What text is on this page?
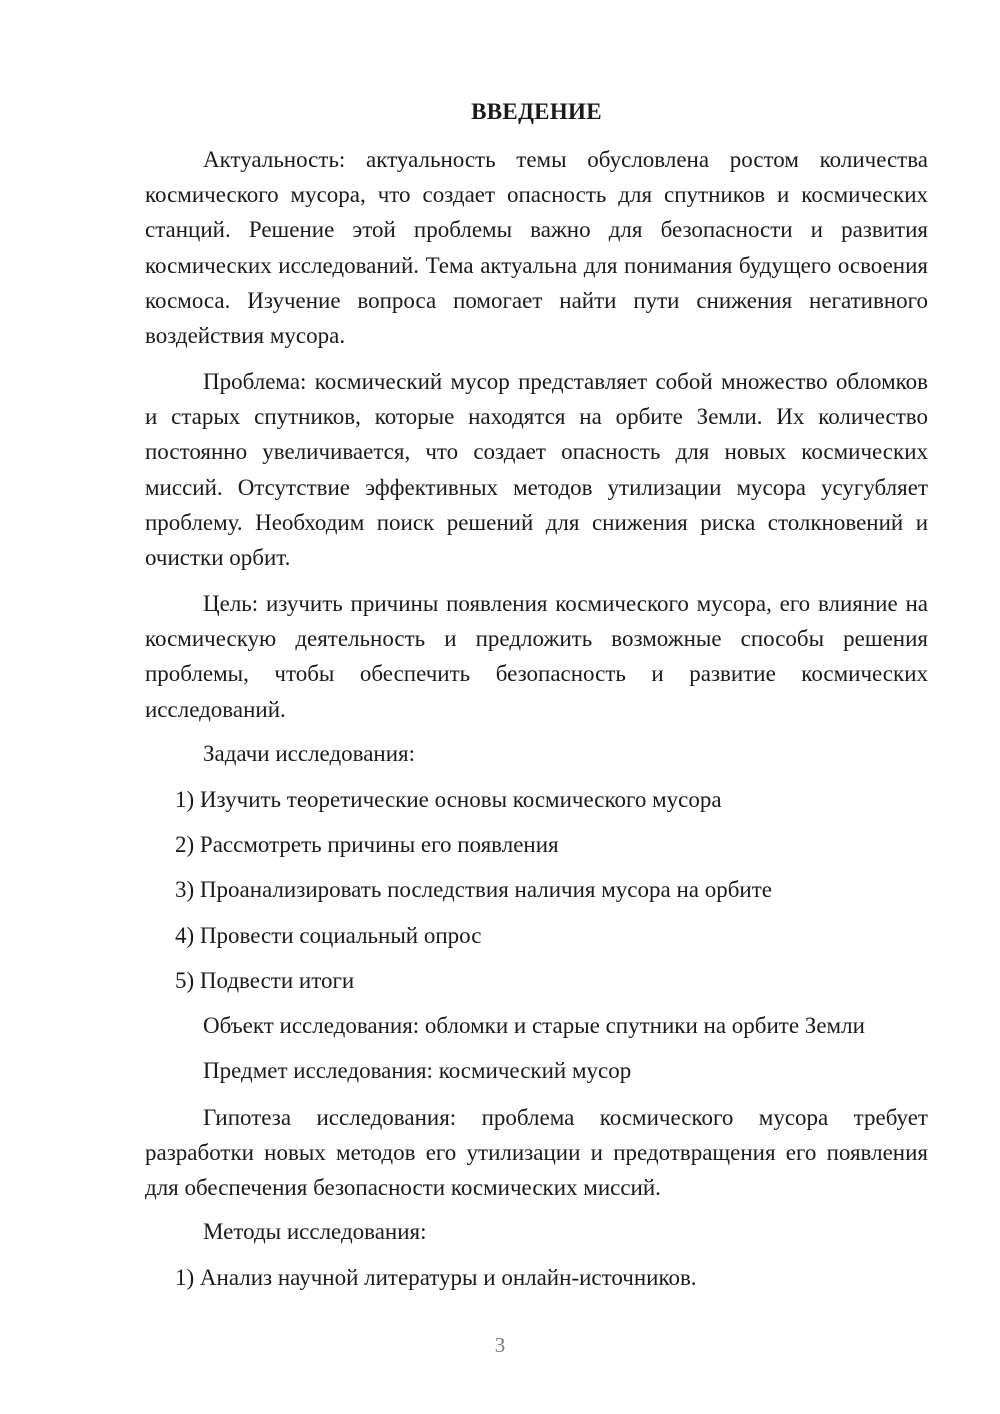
ВВЕДЕНИЕ

Актуальность: актуальность темы обусловлена ростом количества космического мусора, что создает опасность для спутников и космических станций. Решение этой проблемы важно для безопасности и развития космических исследований. Тема актуальна для понимания будущего освоения космоса. Изучение вопроса помогает найти пути снижения негативного воздействия мусора.

Проблема: космический мусор представляет собой множество обломков и старых спутников, которые находятся на орбите Земли. Их количество постоянно увеличивается, что создает опасность для новых космических миссий. Отсутствие эффективных методов утилизации мусора усугубляет проблему. Необходим поиск решений для снижения риска столкновений и очистки орбит.

Цель: изучить причины появления космического мусора, его влияние на космическую деятельность и предложить возможные способы решения проблемы, чтобы обеспечить безопасность и развитие космических исследований.

Задачи исследования:

1) Изучить теоретические основы космического мусора

2) Рассмотреть причины его появления

3) Проанализировать последствия наличия мусора на орбите

4) Провести социальный опрос

5) Подвести итоги

Объект исследования: обломки и старые спутники на орбите Земли

Предмет исследования: космический мусор

Гипотеза исследования: проблема космического мусора требует разработки новых методов его утилизации и предотвращения его появления для обеспечения безопасности космических миссий.

Методы исследования:

1) Анализ научной литературы и онлайн-источников.

3
